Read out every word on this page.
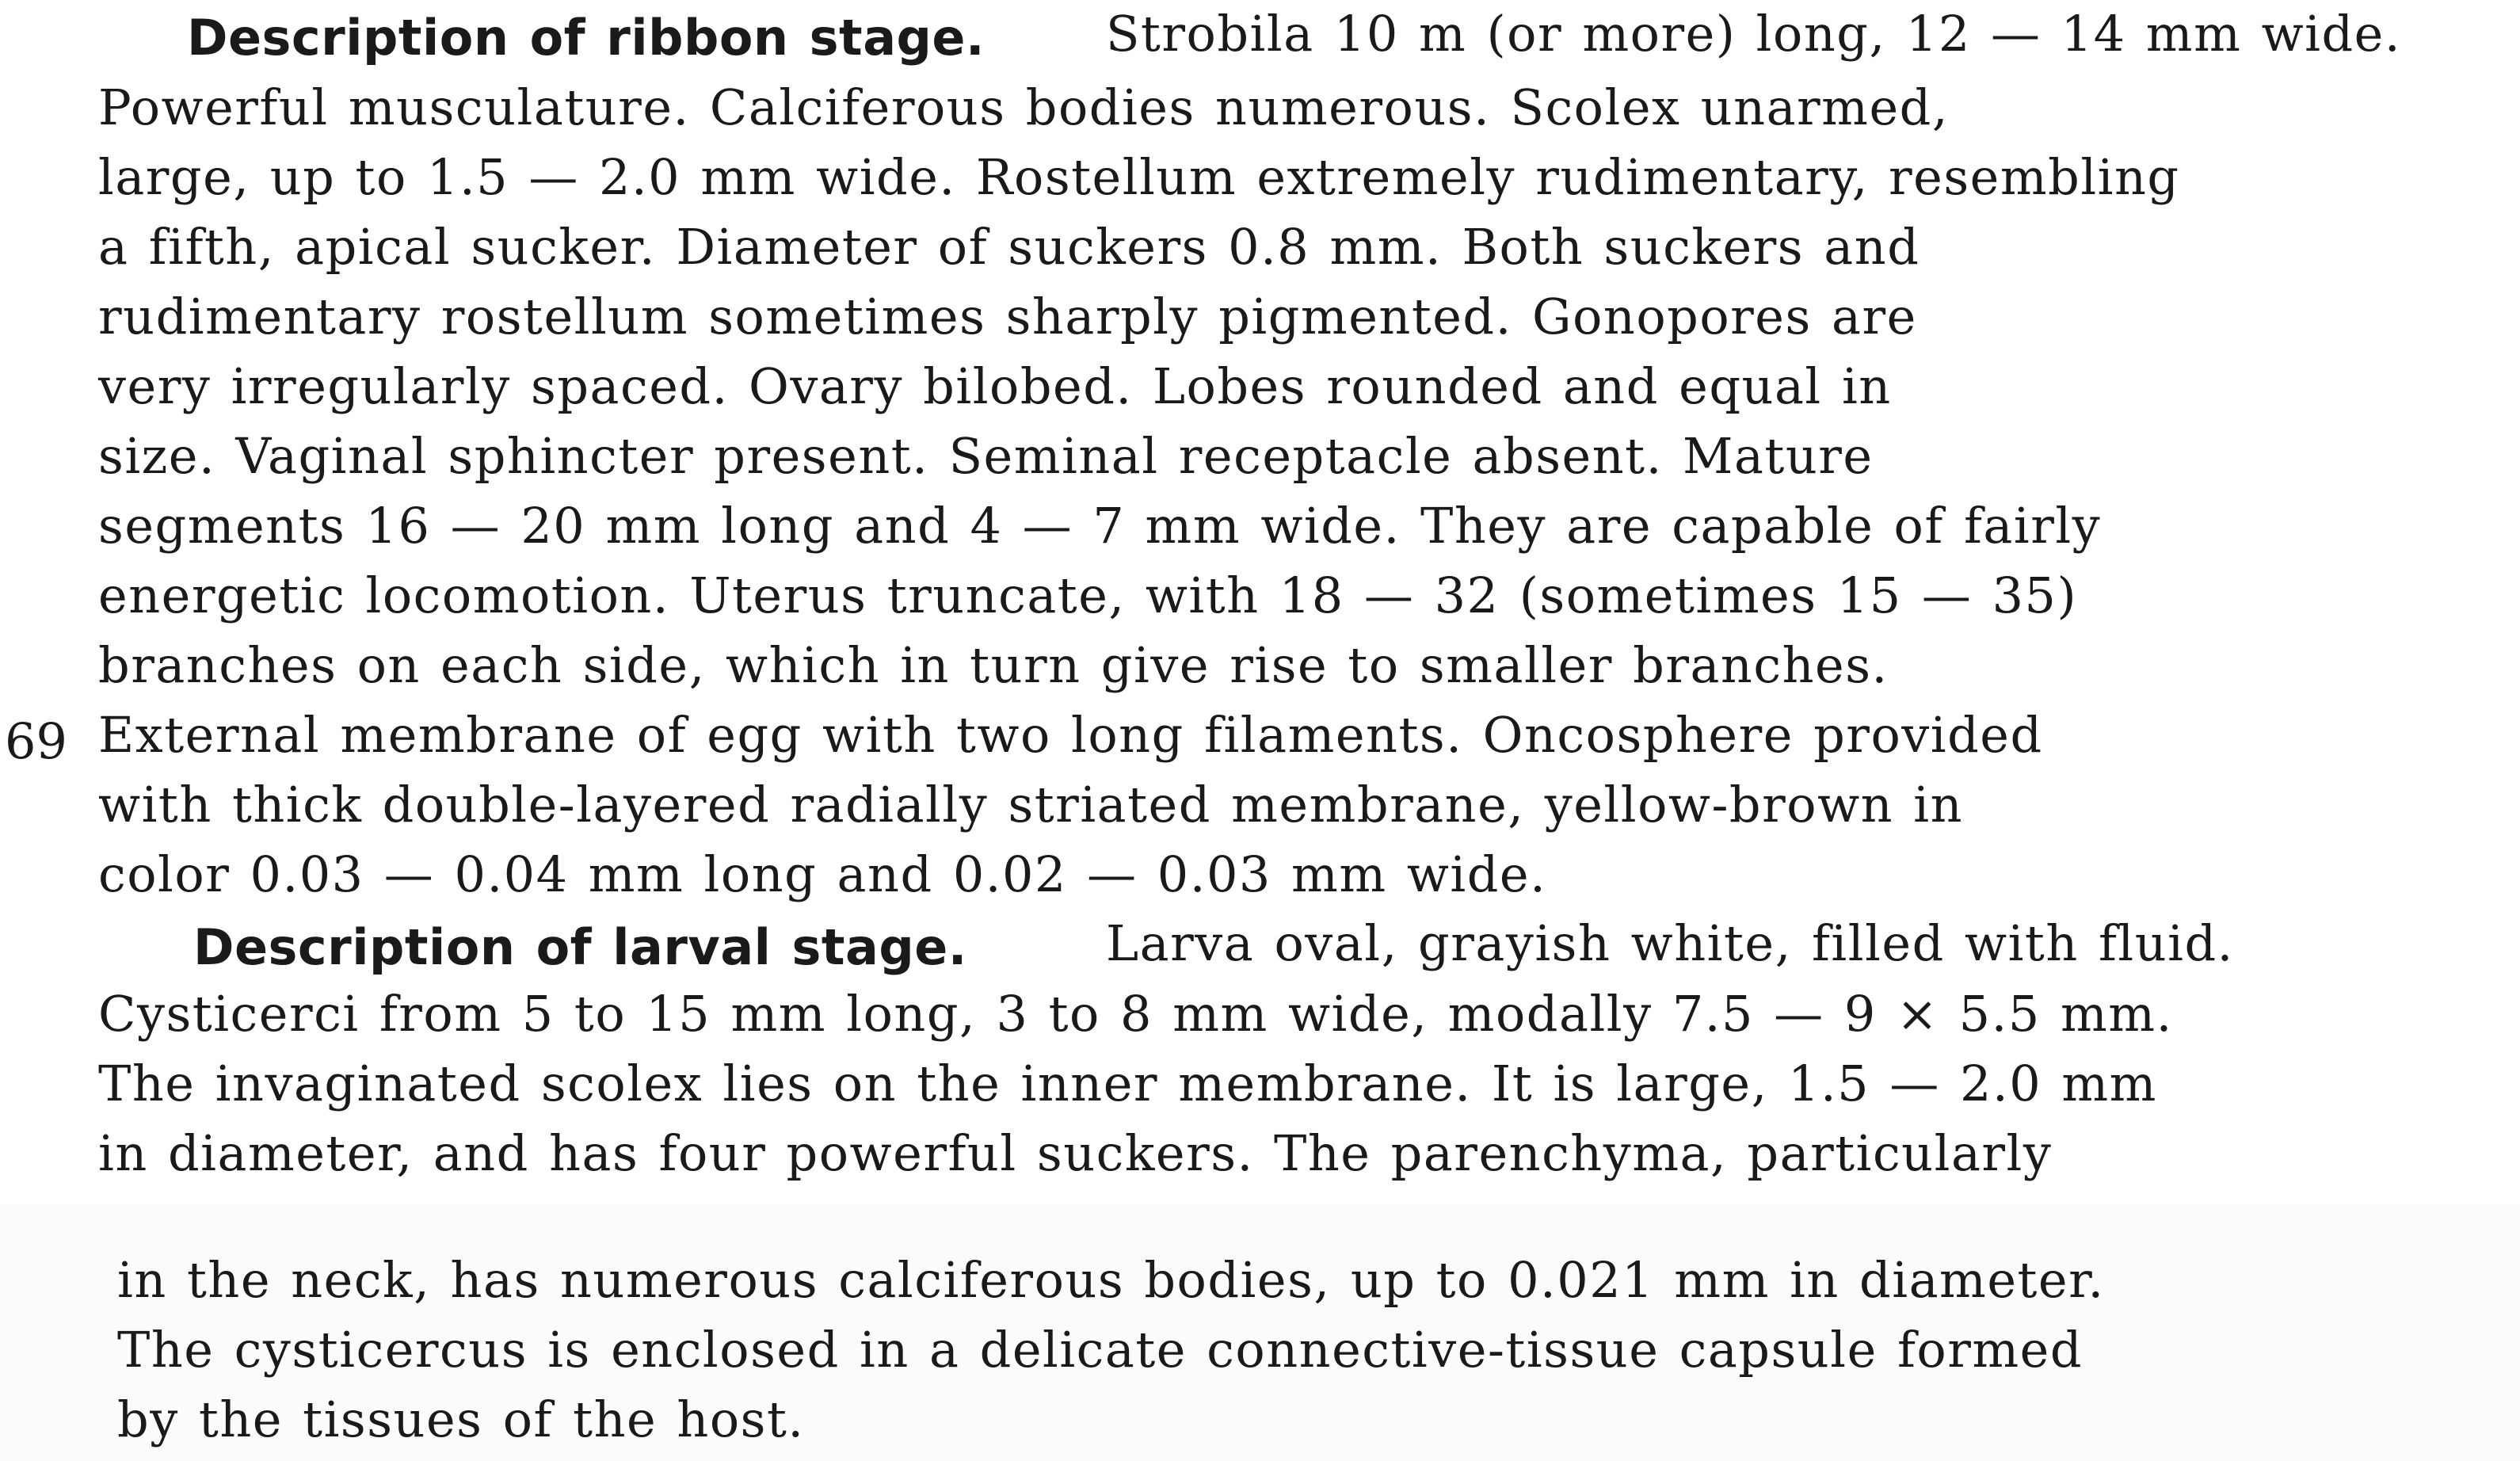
69
Description of ribbon stage. Strobila 10 m (or more) long, 12 — 14 mm wide.
Powerful musculature. Calciferous bodies numerous. Scolex unarmed,
large, up to 1.5 — 2.0 mm wide. Rostellum extremely rudimentary, resembling
a fifth, apical sucker. Diameter of suckers 0.8 mm. Both suckers and
rudimentary rostellum sometimes sharply pigmented. Gonopores are
very irregularly spaced. Ovary bilobed. Lobes rounded and equal in
size. Vaginal sphincter present. Seminal receptacle absent. Mature
segments 16 — 20 mm long and 4 — 7 mm wide. They are capable of fairly
energetic locomotion. Uterus truncate, with 18 — 32 (sometimes 15 — 35)
branches on each side, which in turn give rise to smaller branches.
External membrane of egg with two long filaments. Oncosphere provided
with thick double-layered radially striated membrane, yellow-brown in
color 0.03 — 0.04 mm long and 0.02 — 0.03 mm wide.
Description of larval stage.	Larva oval, grayish white, filled with fluid.
Cysticerci from 5 to 15 mm long, 3 to 8 mm wide, modally 7.5 — 9 × 5.5 mm.
The invaginated scolex lies on the inner membrane. It is large, 1.5 — 2.0 mm
in diameter, and has four powerful suckers. The parenchyma, particularly
in the neck, has numerous calciferous bodies, up to 0.021 mm in diameter.
The cysticercus is enclosed in a delicate connective-tissue capsule formed
by the tissues of the host.
